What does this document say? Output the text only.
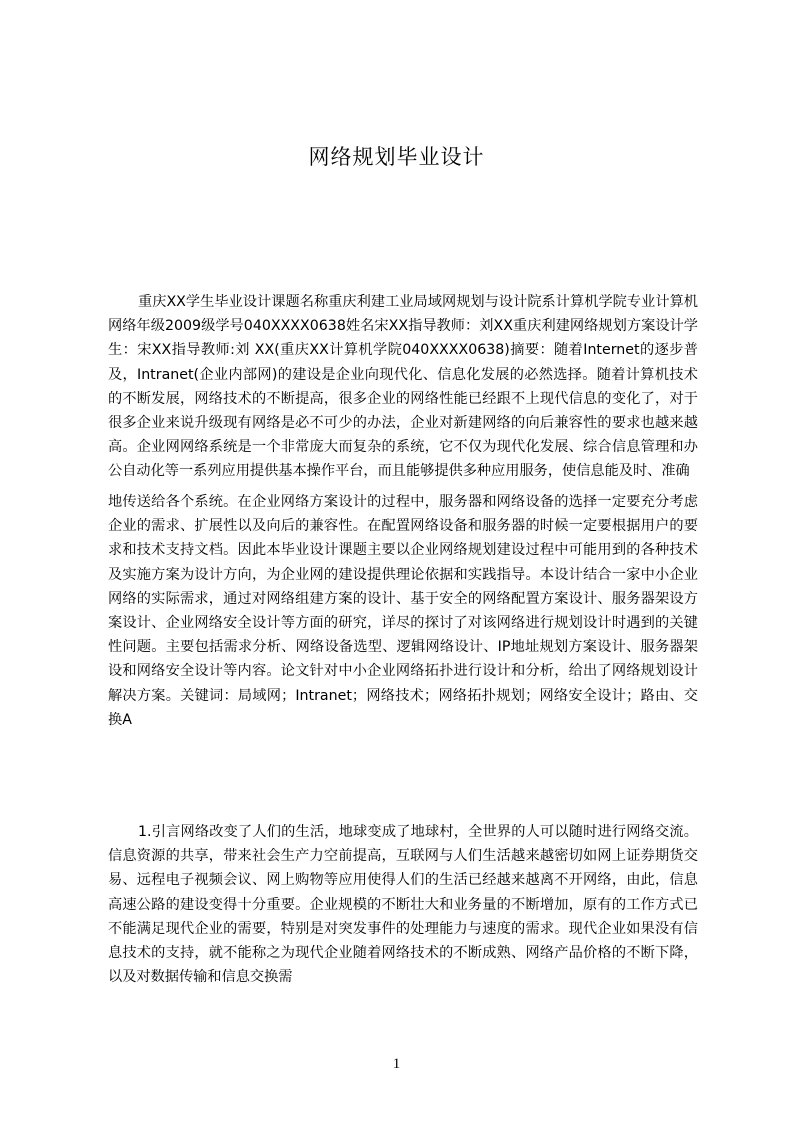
网络规划毕业设计

重庆XX学生毕业设计课题名称重庆利建工业局域网规划与设计院系计算机学院专业计算机网络年级2009级学号040XXXX0638姓名宋XX指导教师：刘XX重庆利建网络规划方案设计学生：宋XX指导教师:刘 XX(重庆XX计算机学院040XXXX0638)摘要：随着Internet的逐步普及，Intranet(企业内部网)的建设是企业向现代化、信息化发展的必然选择。随着计算机技术的不断发展，网络技术的不断提高，很多企业的网络性能已经跟不上现代信息的变化了，对于很多企业来说升级现有网络是必不可少的办法，企业对新建网络的向后兼容性的要求也越来越高。企业网网络系统是一个非常庞大而复杂的系统，它不仅为现代化发展、综合信息管理和办公自动化等一系列应用提供基本操作平台，而且能够提供多种应用服务，使信息能及时、准确

地传送给各个系统。在企业网络方案设计的过程中，服务器和网络设备的选择一定要充分考虑企业的需求、扩展性以及向后的兼容性。在配置网络设备和服务器的时候一定要根据用户的要求和技术支持文档。因此本毕业设计课题主要以企业网络规划建设过程中可能用到的各种技术及实施方案为设计方向，为企业网的建设提供理论依据和实践指导。本设计结合一家中小企业网络的实际需求，通过对网络组建方案的设计、基于安全的网络配置方案设计、服务器架设方案设计、企业网络安全设计等方面的研究，详尽的探讨了对该网络进行规划设计时遇到的关键性问题。主要包括需求分析、网络设备选型、逻辑网络设计、IP地址规划方案设计、服务器架设和网络安全设计等内容。论文针对中小企业网络拓扑进行设计和分析，给出了网络规划设计解决方案。关键词：局域网；Intranet；网络技术；网络拓扑规划；网络安全设计；路由、交换A

1.引言网络改变了人们的生活，地球变成了地球村，全世界的人可以随时进行网络交流。信息资源的共享，带来社会生产力空前提高，互联网与人们生活越来越密切如网上证券期货交易、远程电子视频会议、网上购物等应用使得人们的生活已经越来越离不开网络，由此，信息高速公路的建设变得十分重要。企业规模的不断壮大和业务量的不断增加，原有的工作方式已不能满足现代企业的需要，特别是对突发事件的处理能力与速度的需求。现代企业如果没有信息技术的支持，就不能称之为现代企业随着网络技术的不断成熟、网络产品价格的不断下降，以及对数据传输和信息交换需

1
